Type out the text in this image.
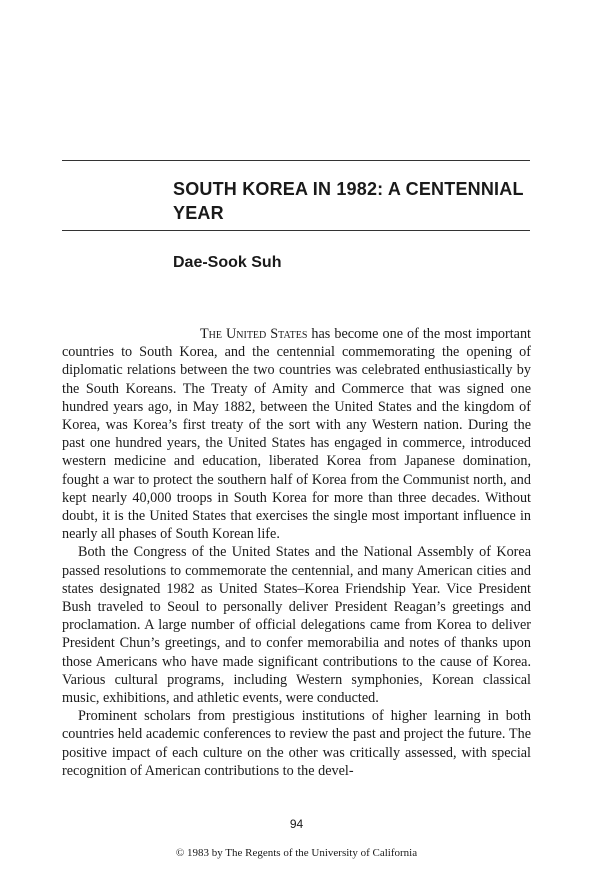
SOUTH KOREA IN 1982: A CENTENNIAL YEAR
Dae-Sook Suh

The United States has become one of the most important countries to South Korea, and the centennial commemorating the opening of diplomatic relations between the two countries was celebrated enthusiastically by the South Koreans. The Treaty of Amity and Commerce that was signed one hundred years ago, in May 1882, between the United States and the kingdom of Korea, was Korea’s first treaty of the sort with any Western nation. During the past one hundred years, the United States has engaged in commerce, introduced western medicine and education, liberated Korea from Japanese domination, fought a war to protect the southern half of Korea from the Communist north, and kept nearly 40,000 troops in South Korea for more than three decades. Without doubt, it is the United States that exercises the single most important influence in nearly all phases of South Korean life.

Both the Congress of the United States and the National Assembly of Korea passed resolutions to commemorate the centennial, and many American cities and states designated 1982 as United States–Korea Friendship Year. Vice President Bush traveled to Seoul to personally deliver President Reagan’s greetings and proclamation. A large number of official delegations came from Korea to deliver President Chun’s greetings, and to confer memorabilia and notes of thanks upon those Americans who have made significant contributions to the cause of Korea. Various cultural programs, including Western symphonies, Korean classical music, exhibitions, and athletic events, were conducted.

Prominent scholars from prestigious institutions of higher learning in both countries held academic conferences to review the past and project the future. The positive impact of each culture on the other was critically assessed, with special recognition of American contributions to the devel-

94
© 1983 by The Regents of the University of California
